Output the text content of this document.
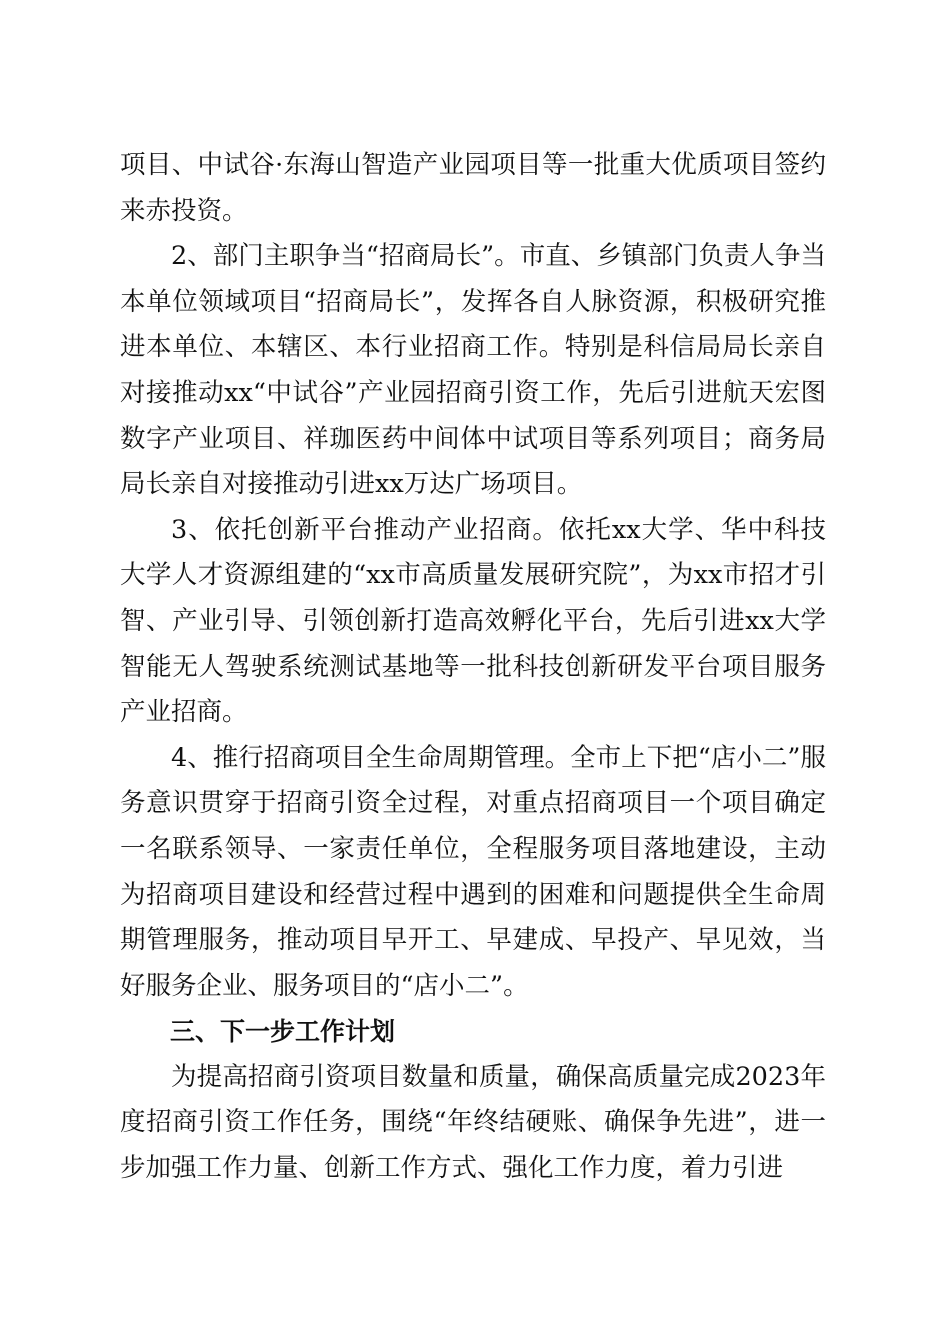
项目、中试谷·东海山智造产业园项目等一批重大优质项目签约来赤投资。

2、部门主职争当“招商局长”。市直、乡镇部门负责人争当本单位领域项目“招商局长”，发挥各自人脉资源，积极研究推进本单位、本辖区、本行业招商工作。特别是科信局局长亲自对接推动xx“中试谷”产业园招商引资工作，先后引进航天宏图数字产业项目、祥珈医药中间体中试项目等系列项目；商务局局长亲自对接推动引进xx万达广场项目。

3、依托创新平台推动产业招商。依托xx大学、华中科技大学人才资源组建的“xx市高质量发展研究院”，为xx市招才引智、产业引导、引领创新打造高效孵化平台，先后引进xx大学智能无人驾驶系统测试基地等一批科技创新研发平台项目服务产业招商。

4、推行招商项目全生命周期管理。全市上下把“店小二”服务意识贯穿于招商引资全过程，对重点招商项目一个项目确定一名联系领导、一家责任单位，全程服务项目落地建设，主动为招商项目建设和经营过程中遇到的困难和问题提供全生命周期管理服务，推动项目早开工、早建成、早投产、早见效，当好服务企业、服务项目的“店小二”。

三、下一步工作计划

为提高招商引资项目数量和质量，确保高质量完成2023年度招商引资工作任务，围绕“年终结硬账、确保争先进”，进一步加强工作力量、创新工作方式、强化工作力度，着力引进
